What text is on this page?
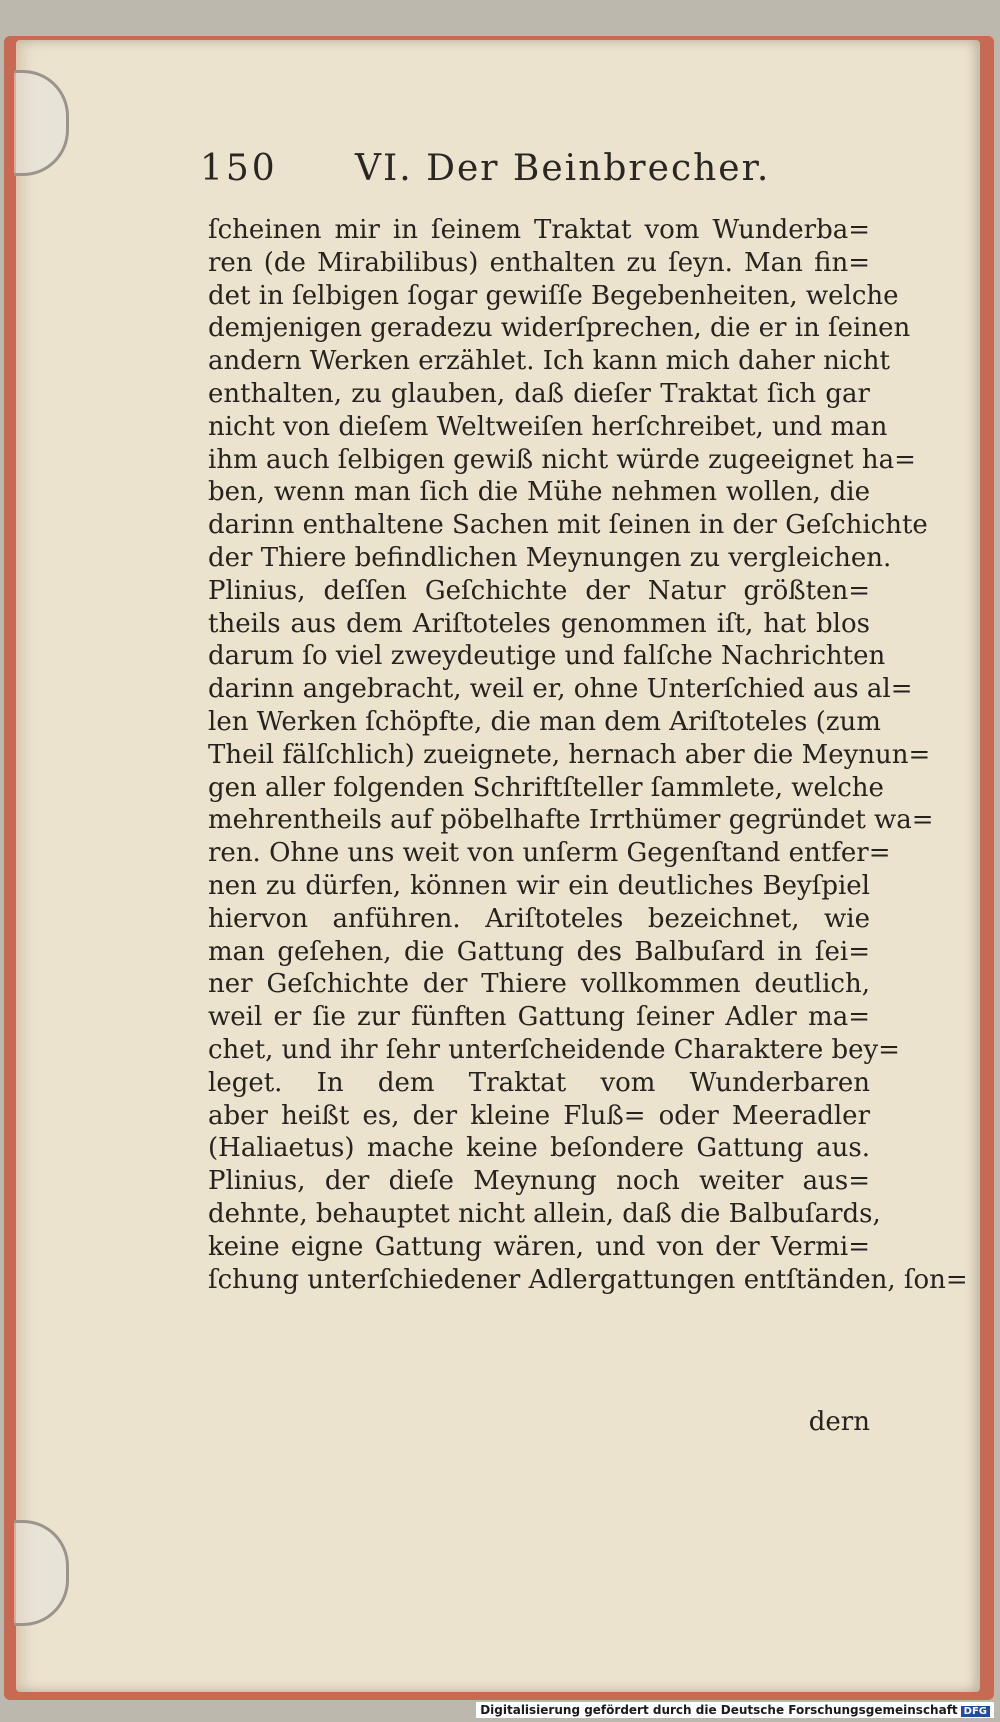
150 VI. Der Beinbrecher.
ſcheinen mir in ſeinem Traktat vom Wunderba=
ren (de Mirabilibus) enthalten zu ſeyn. Man fin=
det in ſelbigen ſogar gewiſſe Begebenheiten, welche
demjenigen geradezu widerſprechen, die er in ſeinen
andern Werken erzählet. Ich kann mich daher nicht
enthalten, zu glauben, daß dieſer Traktat ſich gar
nicht von dieſem Weltweiſen herſchreibet, und man
ihm auch ſelbigen gewiß nicht würde zugeeignet ha=
ben, wenn man ſich die Mühe nehmen wollen, die
darinn enthaltene Sachen mit ſeinen in der Geſchichte
der Thiere befindlichen Meynungen zu vergleichen.
Plinius, deſſen Geſchichte der Natur größten=
theils aus dem Ariſtoteles genommen iſt, hat blos
darum ſo viel zweydeutige und falſche Nachrichten
darinn angebracht, weil er, ohne Unterſchied aus al=
len Werken ſchöpfte, die man dem Ariſtoteles (zum
Theil fälſchlich) zueignete, hernach aber die Meynun=
gen aller folgenden Schriftſteller ſammlete, welche
mehrentheils auf pöbelhafte Irrthümer gegründet wa=
ren. Ohne uns weit von unſerm Gegenſtand entfer=
nen zu dürfen, können wir ein deutliches Beyſpiel
hiervon anführen. Ariſtoteles bezeichnet, wie
man geſehen, die Gattung des Balbuſard in ſei=
ner Geſchichte der Thiere vollkommen deutlich,
weil er ſie zur fünften Gattung ſeiner Adler ma=
chet, und ihr ſehr unterſcheidende Charaktere bey=
leget. In dem Traktat vom Wunderbaren
aber heißt es, der kleine Fluß= oder Meeradler
(Haliaetus) mache keine beſondere Gattung aus.
Plinius, der dieſe Meynung noch weiter aus=
dehnte, behauptet nicht allein, daß die Balbuſards,
keine eigne Gattung wären, und von der Vermi=
ſchung unterſchiedener Adlergattungen entſtänden, ſon=
dern
Digitalisierung gefördert durch die Deutsche Forschungsgemeinschaft DFG
